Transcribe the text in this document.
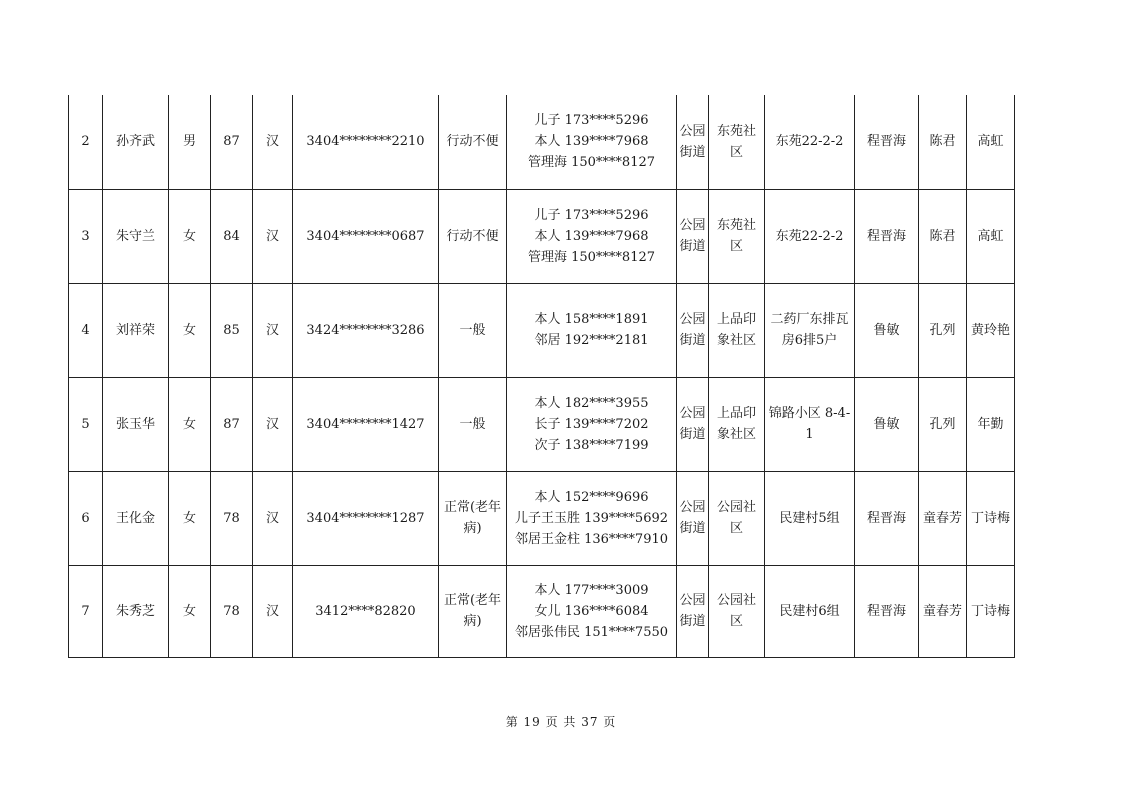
2	孙齐武	男	87	汉	3404********2210	行动不便	儿子 173****5296
本人 139****7968
管理海 150****8127	公园街道	东苑社区	东苑22-2-2	程晋海	陈君	高虹
3	朱守兰	女	84	汉	3404********0687	行动不便	儿子 173****5296
本人 139****7968
管理海 150****8127	公园街道	东苑社区	东苑22-2-2	程晋海	陈君	高虹
4	刘祥荣	女	85	汉	3424********3286	一般	本人 158****1891
邻居 192****2181	公园街道	上品印象社区	二药厂东排瓦房6排5户	鲁敏	孔列	黄玲艳
5	张玉华	女	87	汉	3404********1427	一般	本人 182****3955
长子 139****7202
次子 138****7199	公园街道	上品印象社区	锦路小区 8-4-1	鲁敏	孔列	年勤
6	王化金	女	78	汉	3404********1287	正常(老年病)	本人 152****9696
儿子王玉胜 139****5692
邻居王金柱 136****7910	公园街道	公园社区	民建村5组	程晋海	童春芳	丁诗梅
7	朱秀芝	女	78	汉	3412****82820	正常(老年病)	本人 177****3009
女儿 136****6084
邻居张伟民 151****7550	公园街道	公园社区	民建村6组	程晋海	童春芳	丁诗梅
第 19 页 共 37 页
